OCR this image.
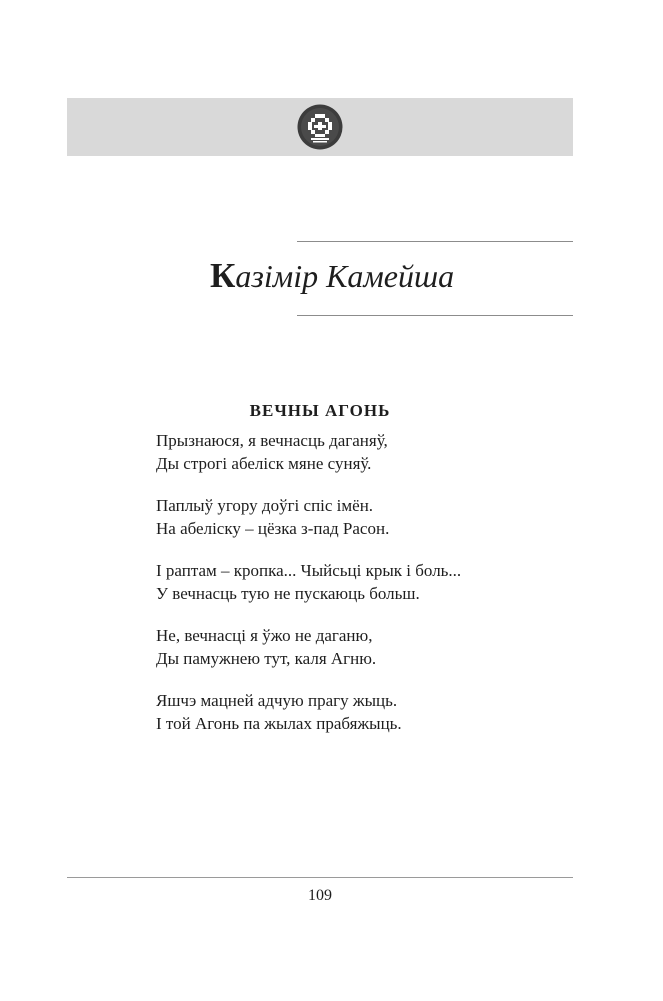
Казімір Камейша
ВЕЧНЫ АГОНЬ
Прызнаюся, я вечнасць даганяў,
Ды строгі абеліск мяне суняў.
Паплыў угору доўгі спіс імён.
На абеліску – цёзка з-пад Расон.
І раптам – кропка... Чыйсьці крык і боль...
У вечнасць тую не пускаюць больш.
Не, вечнасці я ўжо не даганю,
Ды памужнею тут, каля Агню.
Яшчэ мацней адчую прагу жыць.
І той Агонь па жылах прабяжыць.
109
